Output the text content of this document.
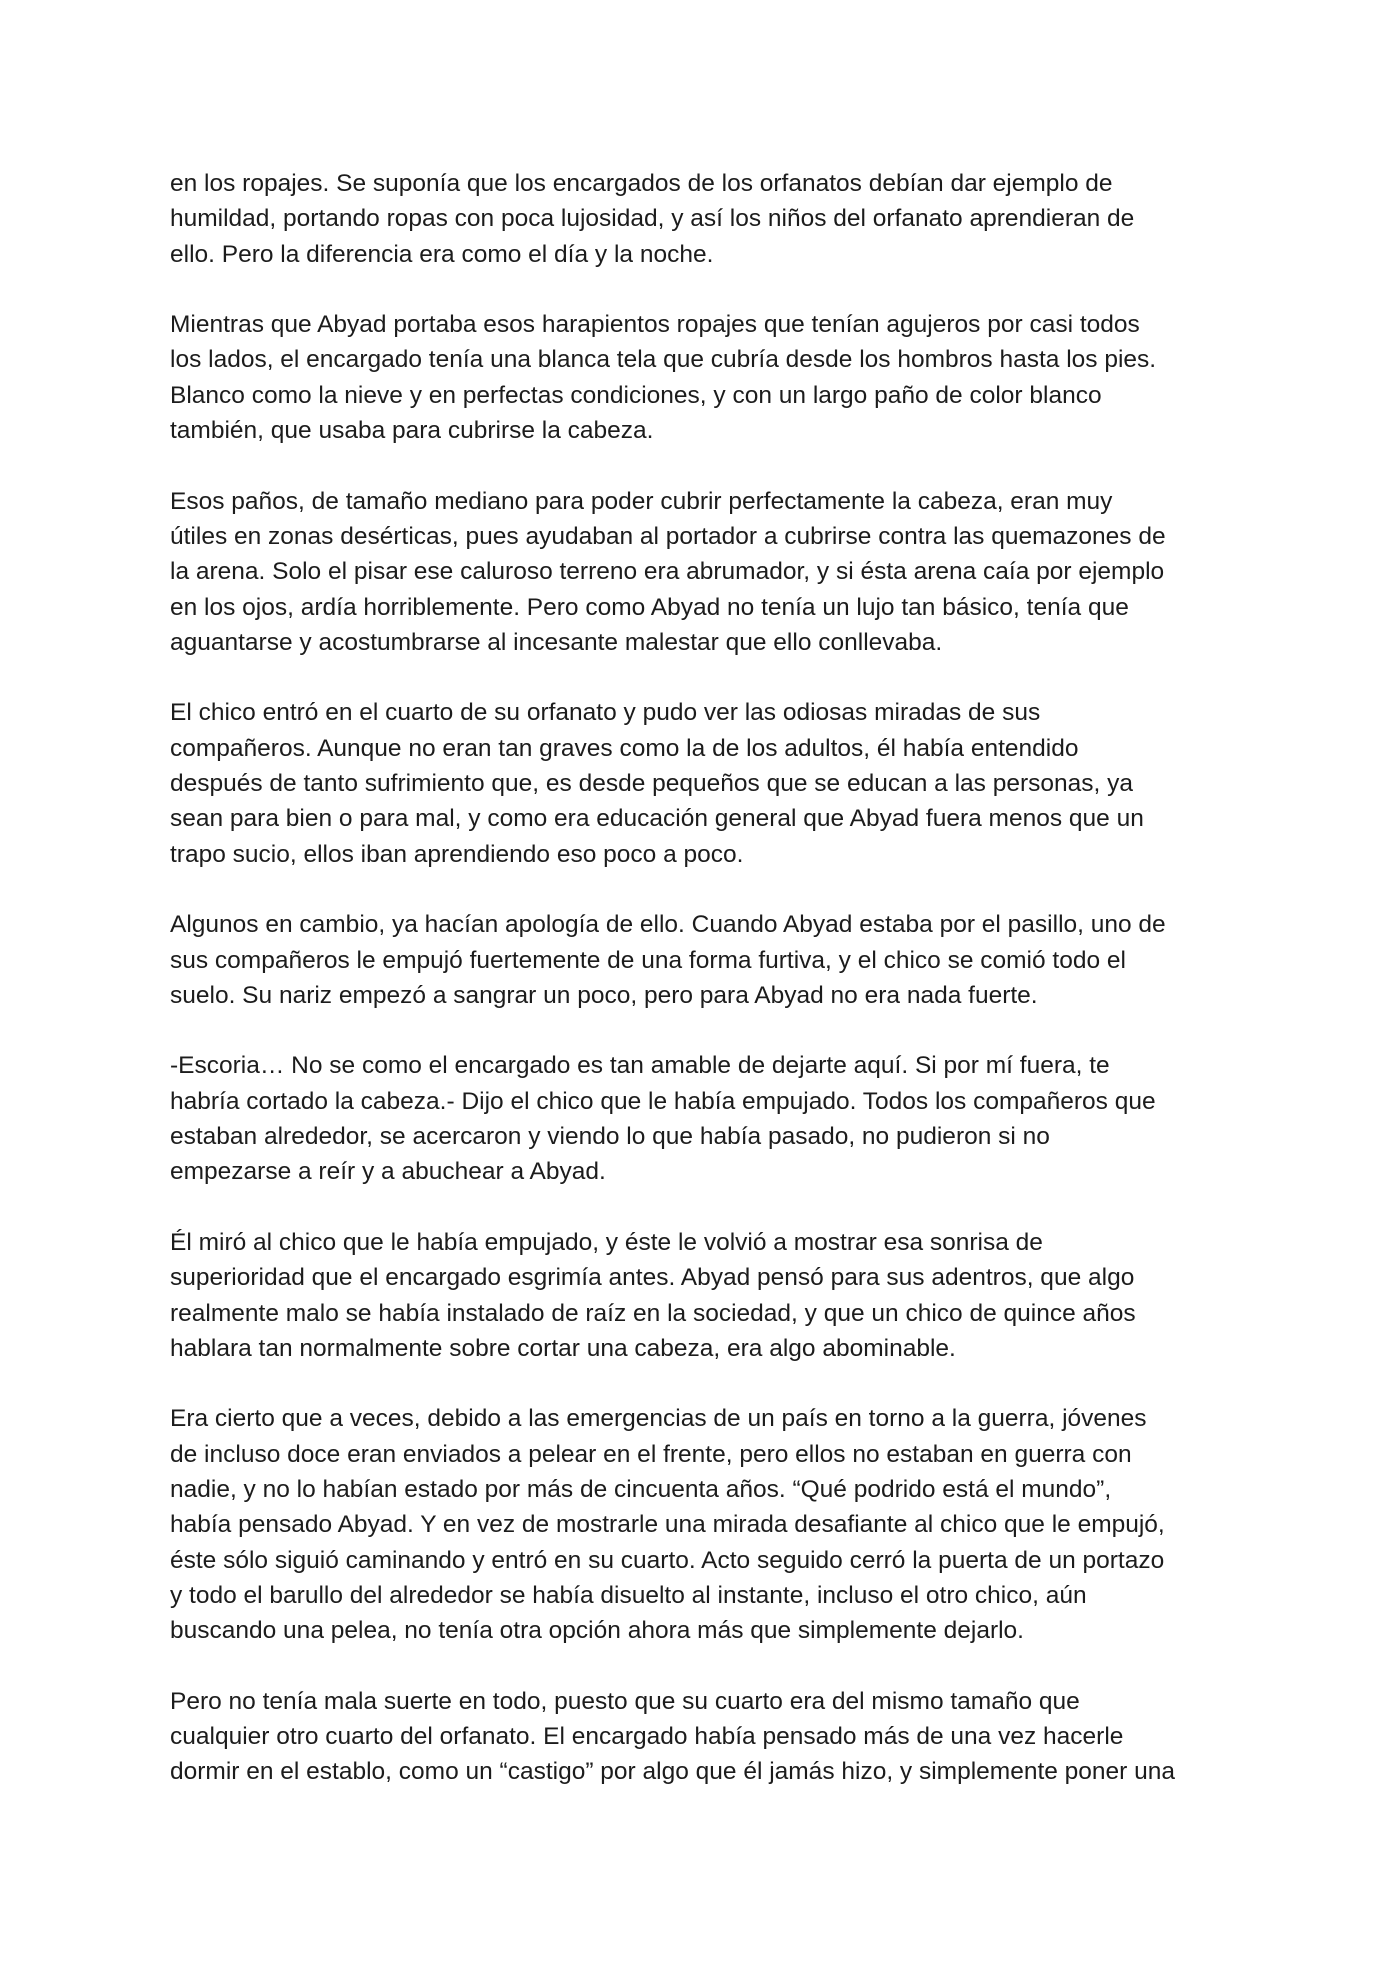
en los ropajes. Se suponía que los encargados de los orfanatos debían dar ejemplo de
humildad, portando ropas con poca lujosidad, y así los niños del orfanato aprendieran de
ello. Pero la diferencia era como el día y la noche.

Mientras que Abyad portaba esos harapientos ropajes que tenían agujeros por casi todos
los lados, el encargado tenía una blanca tela que cubría desde los hombros hasta los pies.
Blanco como la nieve y en perfectas condiciones, y con un largo paño de color blanco
también, que usaba para cubrirse la cabeza.

Esos paños, de tamaño mediano para poder cubrir perfectamente la cabeza, eran muy
útiles en zonas desérticas, pues ayudaban al portador a cubrirse contra las quemazones de
la arena. Solo el pisar ese caluroso terreno era abrumador, y si ésta arena caía por ejemplo
en los ojos, ardía horriblemente. Pero como Abyad no tenía un lujo tan básico, tenía que
aguantarse y acostumbrarse al incesante malestar que ello conllevaba.

El chico entró en el cuarto de su orfanato y pudo ver las odiosas miradas de sus
compañeros. Aunque no eran tan graves como la de los adultos, él había entendido
después de tanto sufrimiento que, es desde pequeños que se educan a las personas, ya
sean para bien o para mal, y como era educación general que Abyad fuera menos que un
trapo sucio, ellos iban aprendiendo eso poco a poco.

Algunos en cambio, ya hacían apología de ello. Cuando Abyad estaba por el pasillo, uno de
sus compañeros le empujó fuertemente de una forma furtiva, y el chico se comió todo el
suelo. Su nariz empezó a sangrar un poco, pero para Abyad no era nada fuerte.

-Escoria… No se como el encargado es tan amable de dejarte aquí. Si por mí fuera, te
habría cortado la cabeza.- Dijo el chico que le había empujado. Todos los compañeros que
estaban alrededor, se acercaron y viendo lo que había pasado, no pudieron si no
empezarse a reír y a abuchear a Abyad.

Él miró al chico que le había empujado, y éste le volvió a mostrar esa sonrisa de
superioridad que el encargado esgrimía antes. Abyad pensó para sus adentros, que algo
realmente malo se había instalado de raíz en la sociedad, y que un chico de quince años
hablara tan normalmente sobre cortar una cabeza, era algo abominable.

Era cierto que a veces, debido a las emergencias de un país en torno a la guerra, jóvenes
de incluso doce eran enviados a pelear en el frente, pero ellos no estaban en guerra con
nadie, y no lo habían estado por más de cincuenta años. “Qué podrido está el mundo”,
había pensado Abyad. Y en vez de mostrarle una mirada desafiante al chico que le empujó,
éste sólo siguió caminando y entró en su cuarto. Acto seguido cerró la puerta de un portazo
y todo el barullo del alrededor se había disuelto al instante, incluso el otro chico, aún
buscando una pelea, no tenía otra opción ahora más que simplemente dejarlo.

Pero no tenía mala suerte en todo, puesto que su cuarto era del mismo tamaño que
cualquier otro cuarto del orfanato. El encargado había pensado más de una vez hacerle
dormir en el establo, como un “castigo” por algo que él jamás hizo, y simplemente poner una
